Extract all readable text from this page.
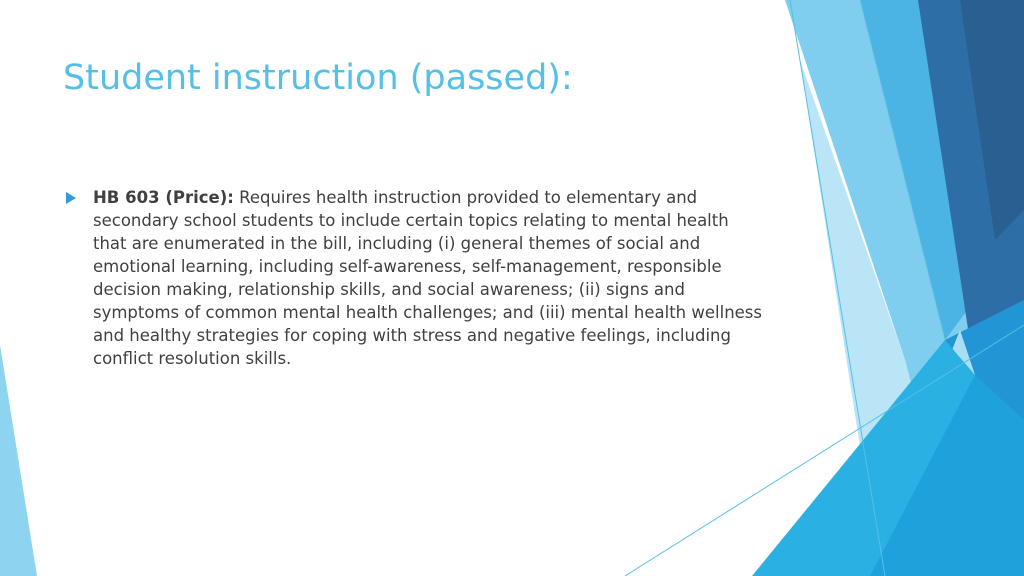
Student instruction (passed):
HB 603 (Price): Requires health instruction provided to elementary and secondary school students to include certain topics relating to mental health that are enumerated in the bill, including (i) general themes of social and emotional learning, including self-awareness, self-management, responsible decision making, relationship skills, and social awareness; (ii) signs and symptoms of common mental health challenges; and (iii) mental health wellness and healthy strategies for coping with stress and negative feelings, including conflict resolution skills.
